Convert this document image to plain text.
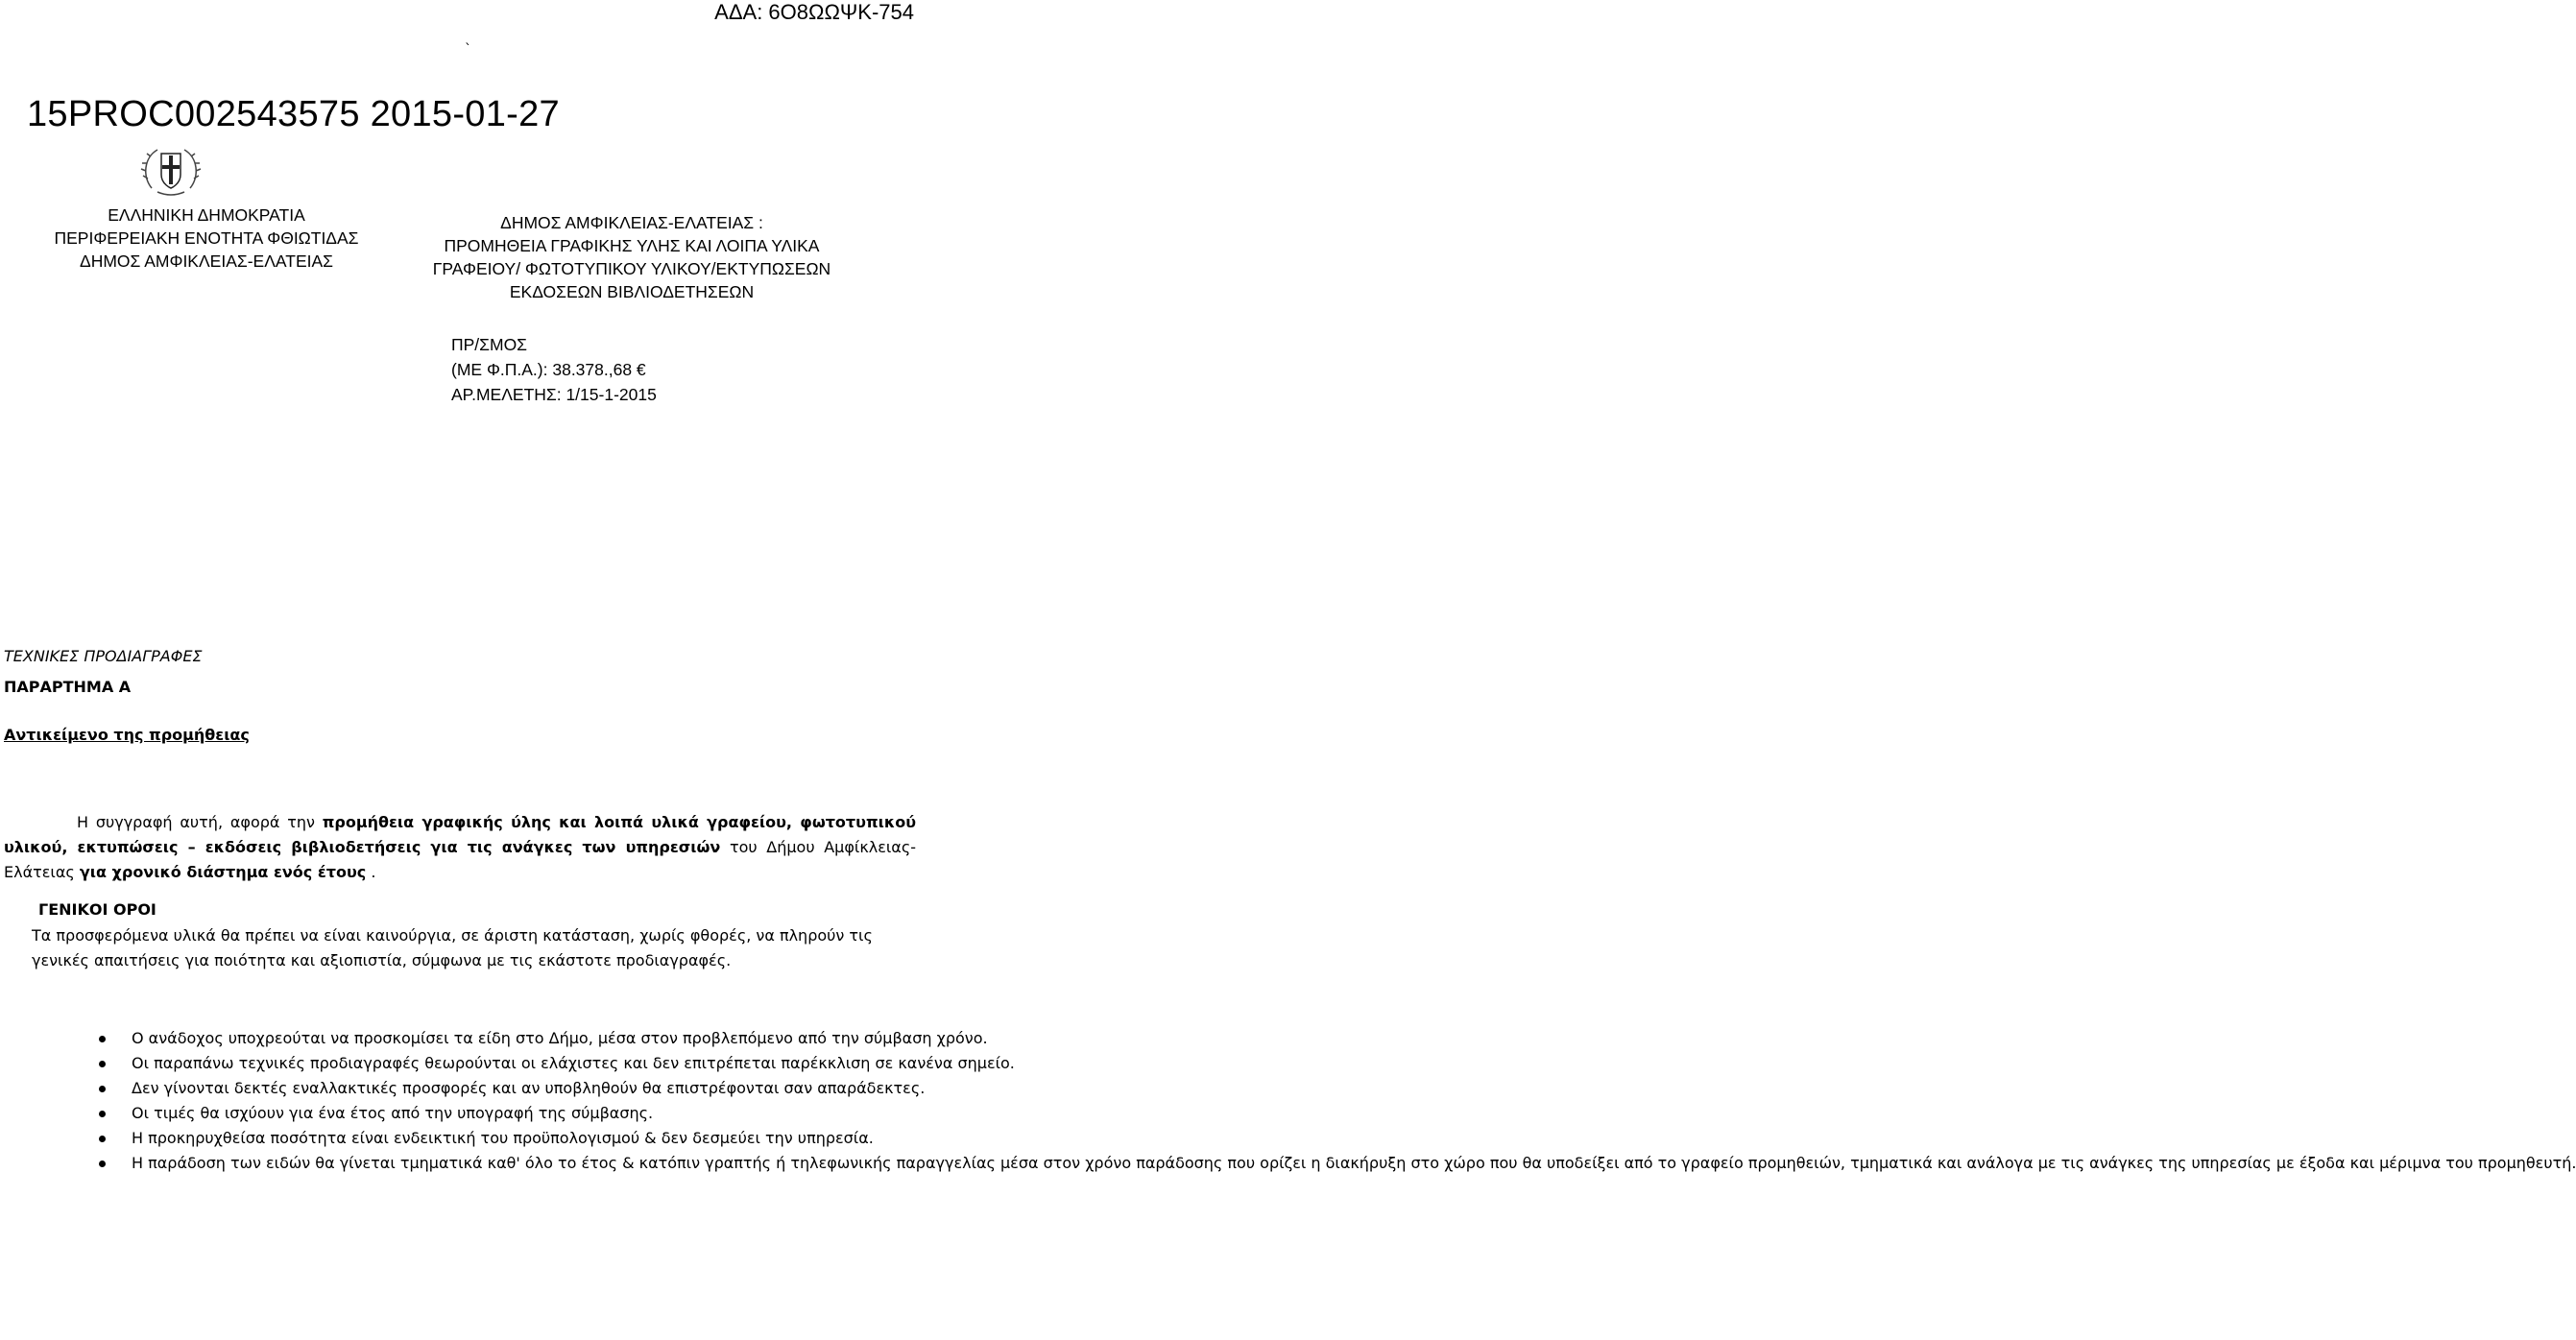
ΑΔΑ: 6Ο8ΩΩΨΚ-754
`
15PROC002543575 2015-01-27
ΕΛΛΗΝΙΚΗ ΔΗΜΟΚΡΑΤΙΑ
ΠΕΡΙΦΕΡΕΙΑΚΗ ΕΝΟΤΗΤΑ ΦΘΙΩΤΙΔΑΣ
ΔΗΜΟΣ ΑΜΦΙΚΛΕΙΑΣ-ΕΛΑΤΕΙΑΣ
ΔΗΜΟΣ ΑΜΦΙΚΛΕΙΑΣ-ΕΛΑΤΕΙΑΣ :
ΠΡΟΜΗΘΕΙΑ ΓΡΑΦΙΚΗΣ ΥΛΗΣ ΚΑΙ ΛΟΙΠΑ ΥΛΙΚΑ
ΓΡΑΦΕΙΟΥ/ ΦΩΤΟΤΥΠΙΚΟΥ ΥΛΙΚΟΥ/ΕΚΤΥΠΩΣΕΩΝ
ΕΚΔΟΣΕΩΝ ΒΙΒΛΙΟΔΕΤΗΣΕΩΝ
ΠΡ/ΣΜΟΣ
(ΜΕ Φ.Π.Α.): 38.378.,68 €
ΑΡ.ΜΕΛΕΤΗΣ: 1/15-1-2015
ΤΕΧΝΙΚΕΣ ΠΡΟΔΙΑΓΡΑΦΕΣ
ΠΑΡΑΡΤΗΜΑ Α
Αντικείμενο της προμήθειας
Η συγγραφή αυτή, αφορά την προμήθεια γραφικής ύλης και λοιπά υλικά γραφείου, φωτοτυπικού υλικού, εκτυπώσεις – εκδόσεις βιβλιοδετήσεις για τις ανάγκες των υπηρεσιών του Δήμου Αμφίκλειας-Ελάτειας για χρονικό διάστημα ενός έτους .
ΓΕΝΙΚΟΙ ΟΡΟΙ
Τα προσφερόμενα υλικά θα πρέπει να είναι καινούργια, σε άριστη κατάσταση, χωρίς φθορές, να πληρούν τις γενικές απαιτήσεις για ποιότητα και αξιοπιστία, σύμφωνα με τις εκάστοτε προδιαγραφές.
Ο ανάδοχος υποχρεούται να προσκομίσει τα είδη στο Δήμο, μέσα στον προβλεπόμενο από την σύμβαση χρόνο.
Οι παραπάνω τεχνικές προδιαγραφές θεωρούνται οι ελάχιστες και δεν επιτρέπεται παρέκκλιση σε κανένα σημείο.
Δεν γίνονται δεκτές εναλλακτικές προσφορές και αν υποβληθούν θα επιστρέφονται σαν απαράδεκτες.
Οι τιμές θα ισχύουν για ένα έτος από την υπογραφή της σύμβασης.
Η προκηρυχθείσα ποσότητα είναι ενδεικτική του προϋπολογισμού & δεν δεσμεύει την υπηρεσία.
Η παράδοση των ειδών θα γίνεται τμηματικά καθ' όλο το έτος & κατόπιν γραπτής ή τηλεφωνικής παραγγελίας μέσα στον χρόνο παράδοσης που ορίζει η διακήρυξη στο χώρο που θα υποδείξει από το γραφείο προμηθειών, τμηματικά και ανάλογα με τις ανάγκες της υπηρεσίας με έξοδα και μέριμνα του προμηθευτή.
